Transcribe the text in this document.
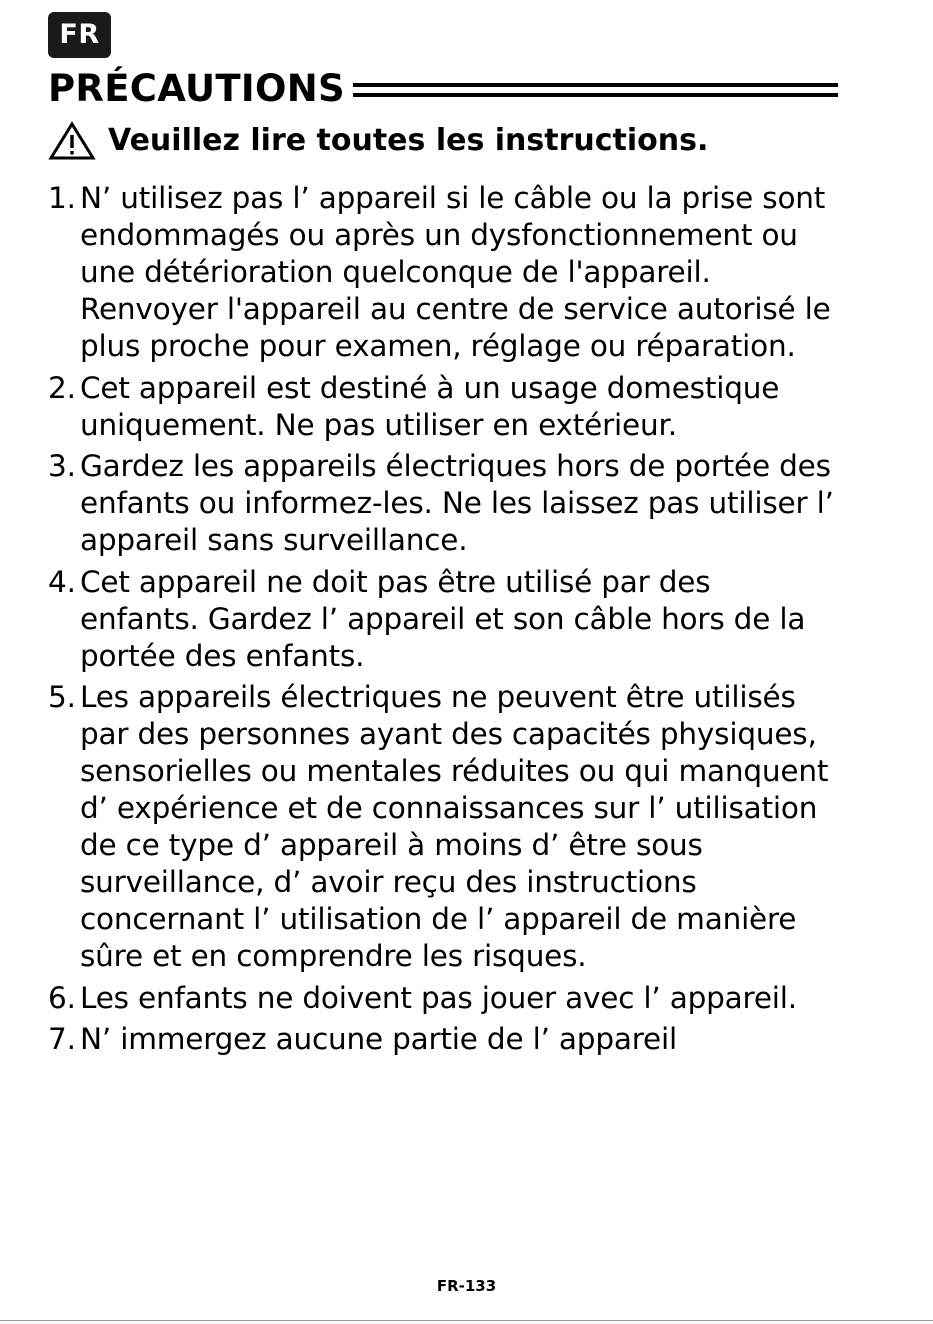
FR
PRÉCAUTIONS
Veuillez lire toutes les instructions.
1. N’ utilisez pas l’ appareil si le câble ou la prise sont endommagés ou après un dysfonctionnement ou une détérioration quelconque de l'appareil. Renvoyer l'appareil au centre de service autorisé le plus proche pour examen, réglage ou réparation.
2. Cet appareil est destiné à un usage domestique uniquement. Ne pas utiliser en extérieur.
3. Gardez les appareils électriques hors de portée des enfants ou informez-les. Ne les laissez pas utiliser l’ appareil sans surveillance.
4. Cet appareil ne doit pas être utilisé par des enfants. Gardez l’ appareil et son câble hors de la portée des enfants.
5. Les appareils électriques ne peuvent être utilisés par des personnes ayant des capacités physiques, sensorielles ou mentales réduites ou qui manquent d’ expérience et de connaissances sur l’ utilisation de ce type d’ appareil à moins d’ être sous surveillance, d’ avoir reçu des instructions concernant l’ utilisation de l’ appareil de manière sûre et en comprendre les risques.
6. Les enfants ne doivent pas jouer avec l’ appareil.
7. N’ immergez aucune partie de l’ appareil
FR-133
